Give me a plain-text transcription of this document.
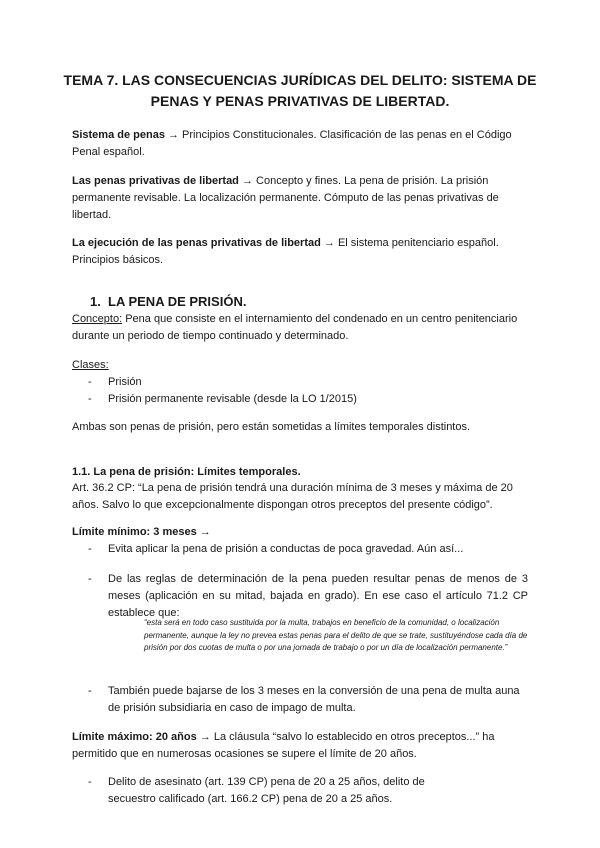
TEMA 7. LAS CONSECUENCIAS JURÍDICAS DEL DELITO: SISTEMA DE PENAS Y PENAS PRIVATIVAS DE LIBERTAD.

Sistema de penas → Principios Constitucionales. Clasificación de las penas en el Código Penal español.

Las penas privativas de libertad → Concepto y fines. La pena de prisión. La prisión permanente revisable. La localización permanente. Cómputo de las penas privativas de libertad.

La ejecución de las penas privativas de libertad → El sistema penitenciario español. Principios básicos.

1. LA PENA DE PRISIÓN.

Concepto: Pena que consiste en el internamiento del condenado en un centro penitenciario durante un periodo de tiempo continuado y determinado.

Clases:

- Prisión
- Prisión permanente revisable (desde la LO 1/2015)

Ambas son penas de prisión, pero están sometidas a límites temporales distintos.

1.1. La pena de prisión: Límites temporales.

Art. 36.2 CP: “La pena de prisión tendrá una duración mínima de 3 meses y máxima de 20 años. Salvo lo que excepcionalmente dispongan otros preceptos del presente código”.

Límite mínimo: 3 meses →

- Evita aplicar la pena de prisión a conductas de poca gravedad. Aún así...
- De las reglas de determinación de la pena pueden resultar penas de menos de 3 meses (aplicación en su mitad, bajada en grado). En ese caso el artículo 71.2 CP establece que:

“esta será en todo caso sustituida por la multa, trabajos en beneficio de la comunidad, o localización permanente, aunque la ley no prevea estas penas para el delito de que se trate, sustituyéndose cada día de prisión por dos cuotas de multa o por una jornada de trabajo o por un día de localización permanente.”

- También puede bajarse de los 3 meses en la conversión de una pena de multa auna de prisión subsidiaria en caso de impago de multa.

Límite máximo: 20 años → La cláusula “salvo lo establecido en otros preceptos...” ha permitido que en numerosas ocasiones se supere el límite de 20 años.

- Delito de asesinato (art. 139 CP) pena de 20 a 25 años, delito de secuestro calificado (art. 166.2 CP) pena de 20 a 25 años.
